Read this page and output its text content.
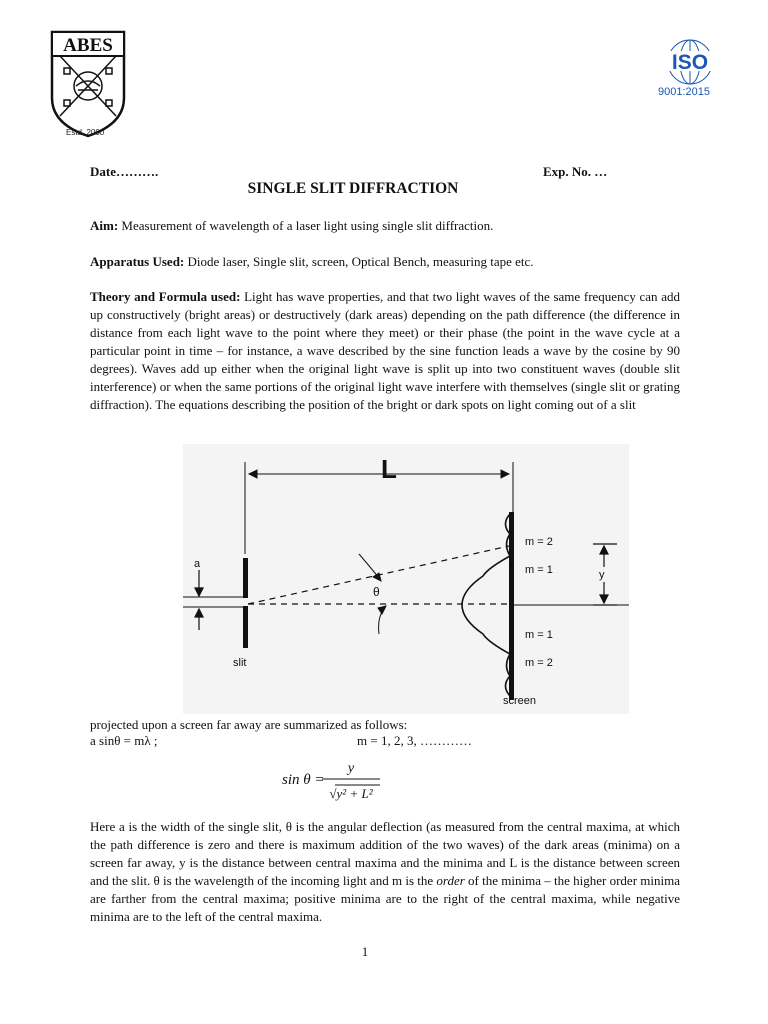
ABES
Estd. 2000
ISO
9001:2015
Date……….	Exp. No. …
SINGLE SLIT DIFFRACTION
Aim: Measurement of wavelength of a laser light using single slit diffraction.
Apparatus Used: Diode laser, Single slit, screen, Optical Bench, measuring tape etc.
Theory and Formula used: Light has wave properties, and that two light waves of the same frequency can add up constructively (bright areas) or destructively (dark areas) depending on the path difference (the difference in distance from each light wave to the point where they meet) or their phase (the point in the wave cycle at a particular point in time – for instance, a wave described by the sine function leads a wave by the cosine by 90 degrees). Waves add up either when the original light wave is split up into two constituent waves (double slit interference) or when the same portions of the original light wave interfere with themselves (single slit or grating diffraction). The equations describing the position of the bright or dark spots on light coming out of a slit
L
a
slit
θ
screen
m = 2
m = 1
m = 1
m = 2
y
projected upon a screen far away are summarized as follows:
a sinθ = mλ ;	m = 1, 2, 3, …………
sin θ =
y
√y² + L²
Here a is the width of the single slit, θ is the angular deflection (as measured from the central maxima, at which the path difference is zero and there is maximum addition of the two waves) of the dark areas (minima) on a screen far away, y is the distance between central maxima and the minima and L is the distance between screen and the slit. θ is the wavelength of the incoming light and m is the order of the minima – the higher order minima are farther from the central maxima; positive minima are to the right of the central maxima, while negative minima are to the left of the central maxima.
1
